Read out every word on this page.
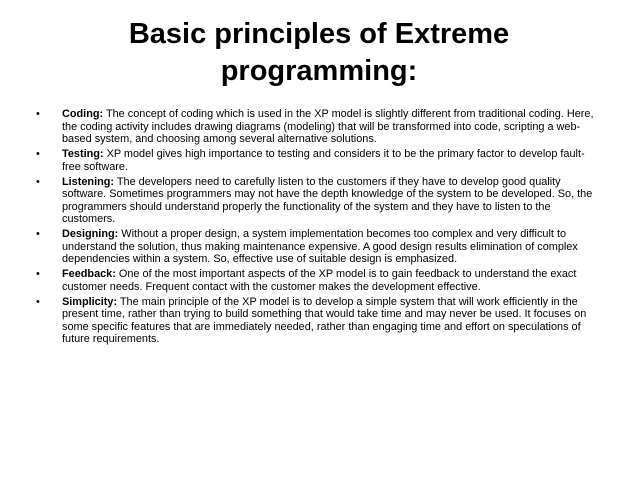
Basic principles of Extreme programming:
•	Coding: The concept of coding which is used in the XP model is slightly different from traditional coding. Here, the coding activity includes drawing diagrams (modeling) that will be transformed into code, scripting a web-based system, and choosing among several alternative solutions.
•	Testing: XP model gives high importance to testing and considers it to be the primary factor to develop fault-free software.
•	Listening: The developers need to carefully listen to the customers if they have to develop good quality software. Sometimes programmers may not have the depth knowledge of the system to be developed. So, the programmers should understand properly the functionality of the system and they have to listen to the customers.
•	Designing: Without a proper design, a system implementation becomes too complex and very difficult to understand the solution, thus making maintenance expensive. A good design results elimination of complex dependencies within a system. So, effective use of suitable design is emphasized.
•	Feedback: One of the most important aspects of the XP model is to gain feedback to understand the exact customer needs. Frequent contact with the customer makes the development effective.
•	Simplicity: The main principle of the XP model is to develop a simple system that will work efficiently in the present time, rather than trying to build something that would take time and may never be used. It focuses on some specific features that are immediately needed, rather than engaging time and effort on speculations of future requirements.
